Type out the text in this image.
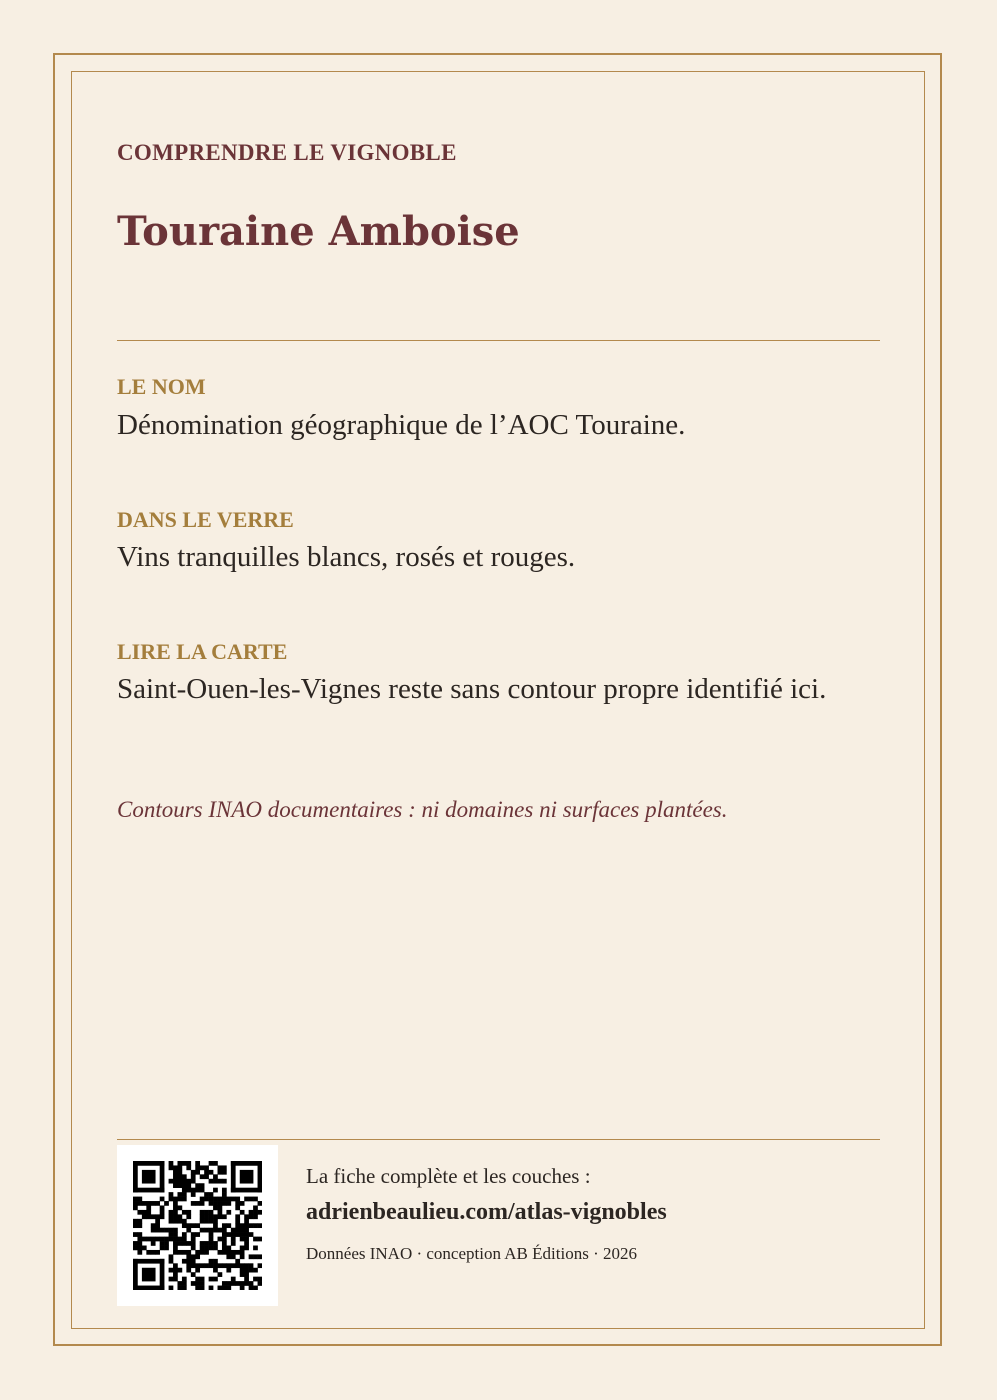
COMPRENDRE LE VIGNOBLE

Touraine Amboise

LE NOM

Dénomination géographique de l’AOC Touraine.

DANS LE VERRE

Vins tranquilles blancs, rosés et rouges.

LIRE LA CARTE

Saint-Ouen-les-Vignes reste sans contour propre identifié ici.

Contours INAO documentaires : ni domaines ni surfaces plantées.

La fiche complète et les couches :

adrienbeaulieu.com/atlas-vignobles

Données INAO · conception AB Éditions · 2026
